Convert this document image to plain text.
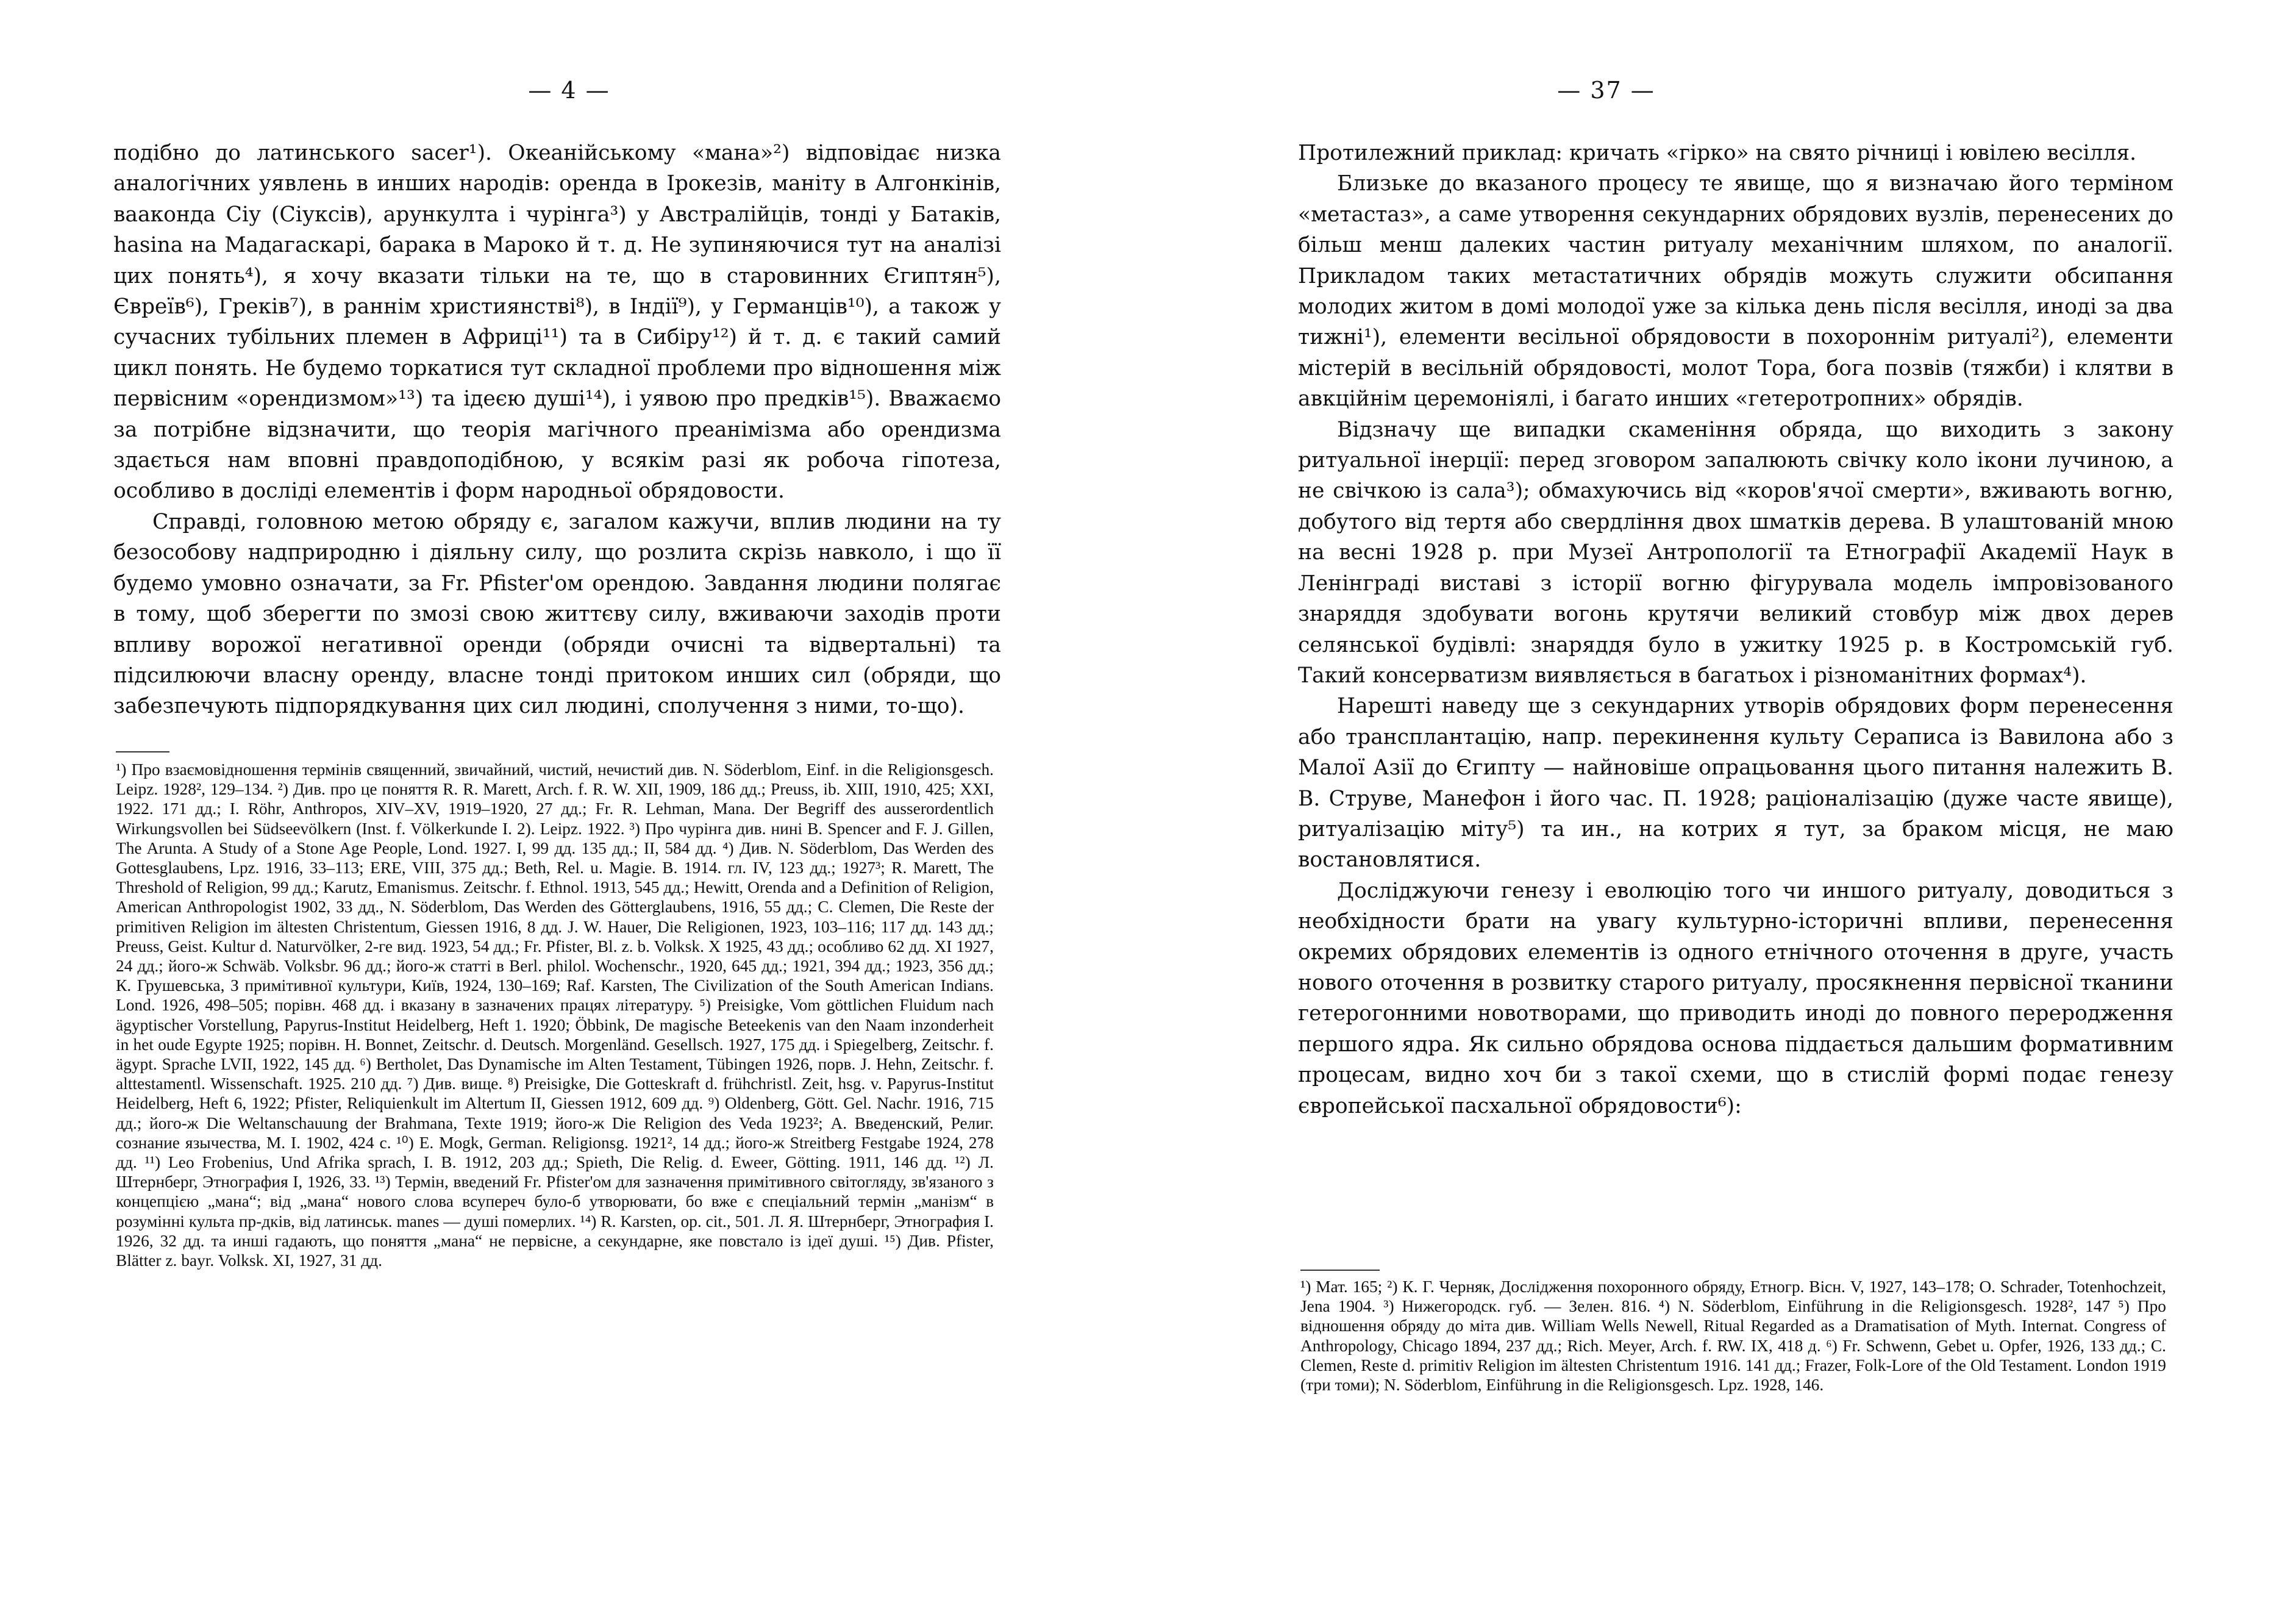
— 4 —

подібно до латинського sacer¹). Океанійському «мана»²) відповідає низка аналогічних уявлень в инших народів: оренда в Ірокезів, маніту в Алгонкінів, вааконда Сіу (Сіуксів), арункулта і чурінга³) у Австралійців, тонді у Батаків, hasina на Мадагаскарі, барака в Мароко й т. д. Не зупиняючися тут на аналізі цих понять⁴), я хочу вказати тільки на те, що в старовинних Єгиптян⁵), Євреїв⁶), Греків⁷), в раннім християнстві⁸), в Індії⁹), у Германців¹⁰), а також у сучасних тубільних племен в Африці¹¹) та в Сибіру¹²) й т. д. є такий самий цикл понять. Не будемо торкатися тут складної проблеми про відношення між первісним «орендизмом»¹³) та ідеєю душі¹⁴), і уявою про предків¹⁵). Вважаємо за потрібне відзначити, що теорія магічного преанімізма або орендизма здається нам вповні правдоподібною, у всякім разі як робоча гіпотеза, особливо в досліді елементів і форм народньої обрядовости.

Справді, головною метою обряду є, загалом кажучи, вплив людини на ту безособову надприродню і діяльну силу, що розлита скрізь навколо, і що її будемо умовно означати, за Fr. Pfister'ом орендою. Завдання людини полягає в тому, щоб зберегти по змозі свою життєву силу, вживаючи заходів проти впливу ворожої негативної оренди (обряди очисні та відвертальні) та підсилюючи власну оренду, власне тонді притоком инших сил (обряди, що забезпечують підпорядкування цих сил людині, сполучення з ними, то-що).

¹) Про взаємовідношення термінів священний, звичайний, чистий, нечистий див. N. Söderblom, Einf. in die Religionsgesch. Leipz. 1928², 129–134. ²) Див. про це поняття R. R. Marett, Arch. f. R. W. XII, 1909, 186 дд.; Preuss, ib. XIII, 1910, 425; XXI, 1922. 171 дд.; I. Röhr, Anthropos, XIV–XV, 1919–1920, 27 дд.; Fr. R. Lehman, Mana. Der Begriff des ausserordentlich Wirkungsvollen bei Südseevölkern (Inst. f. Völkerkunde I. 2). Leipz. 1922. ³) Про чурінга див. нині B. Spencer and F. J. Gillen, The Arunta. A Study of a Stone Age People, Lond. 1927. I, 99 дд. 135 дд.; II, 584 дд. ⁴) Див. N. Söderblom, Das Werden des Gottesglaubens, Lpz. 1916, 33–113; ERE, VIII, 375 дд.; Beth, Rel. u. Magie. B. 1914. гл. IV, 123 дд.; 1927³; R. Marett, The Threshold of Religion, 99 дд.; Karutz, Emanismus. Zeitschr. f. Ethnol. 1913, 545 дд.; Hewitt, Orenda and a Definition of Religion, American Anthropologist 1902, 33 дд., N. Söderblom, Das Werden des Götterglaubens, 1916, 55 дд.; C. Clemen, Die Reste der primitiven Religion im ältesten Christentum, Giessen 1916, 8 дд. J. W. Hauer, Die Religionen, 1923, 103–116; 117 дд. 143 дд.; Preuss, Geist. Kultur d. Naturvölker, 2-ге вид. 1923, 54 дд.; Fr. Pfister, Bl. z. b. Volksk. X 1925, 43 дд.; особливо 62 дд. XI 1927, 24 дд.; його-ж Schwäb. Volksbr. 96 дд.; його-ж статті в Berl. philol. Wochenschr., 1920, 645 дд.; 1921, 394 дд.; 1923, 356 дд.; К. Грушевська, З примітивної культури, Київ, 1924, 130–169; Raf. Karsten, The Civilization of the South American Indians. Lond. 1926, 498–505; порівн. 468 дд. і вказану в зазначених працях літературу. ⁵) Preisigke, Vom göttlichen Fluidum nach ägyptischer Vorstellung, Papyrus-Institut Heidelberg, Heft 1. 1920; Öbbink, De magische Beteekenis van den Naam inzonderheit in het oude Egypte 1925; порівн. H. Bonnet, Zeitschr. d. Deutsch. Morgenländ. Gesellsch. 1927, 175 дд. і Spiegelberg, Zeitschr. f. ägypt. Sprache LVII, 1922, 145 дд. ⁶) Bertholet, Das Dynamische im Alten Testament, Tübingen 1926, порв. J. Hehn, Zeitschr. f. alttestamentl. Wissenschaft. 1925. 210 дд. ⁷) Див. вище. ⁸) Preisigke, Die Gotteskraft d. frühchristl. Zeit, hsg. v. Papyrus-Institut Heidelberg, Heft 6, 1922; Pfister, Reliquienkult im Altertum II, Giessen 1912, 609 дд. ⁹) Oldenberg, Gött. Gel. Nachr. 1916, 715 дд.; його-ж Die Weltanschauung der Brahmana, Texte 1919; його-ж Die Religion des Veda 1923²; А. Введенский, Религ. сознание язычества, М. I. 1902, 424 с. ¹⁰) E. Mogk, German. Religionsg. 1921², 14 дд.; його-ж Streitberg Festgabe 1924, 278 дд. ¹¹) Leo Frobenius, Und Afrika sprach, I. B. 1912, 203 дд.; Spieth, Die Relig. d. Eweer, Götting. 1911, 146 дд. ¹²) Л. Штернберг, Этнография I, 1926, 33. ¹³) Термін, введений Fr. Pfister'ом для зазначення примітивного світогляду, зв'язаного з концепцією „мана“; від „мана“ нового слова всупереч було-б утворювати, бо вже є спеціальний термін „манізм“ в розумінні культа пр-дків, від латинськ. manes — душі померлих. ¹⁴) R. Karsten, op. cit., 501. Л. Я. Штернберг, Этнография I. 1926, 32 дд. та инші гадають, що поняття „мана“ не первісне, а секундарне, яке повстало із ідеї душі. ¹⁵) Див. Pfister, Blätter z. bayr. Volksk. XI, 1927, 31 дд.

— 37 —

Протилежний приклад: кричать «гірко» на свято річниці і ювілею весілля.

Близьке до вказаного процесу те явище, що я визначаю його терміном «метастаз», а саме утворення секундарних обрядових вузлів, перенесених до більш менш далеких частин ритуалу механічним шляхом, по аналогії. Прикладом таких метастатичних обрядів можуть служити обсипання молодих житом в домі молодої уже за кілька день після весілля, иноді за два тижні¹), елементи весільної обрядовости в похороннім ритуалі²), елементи містерій в весільній обрядовості, молот Тора, бога позвів (тяжби) і клятви в авкційнім церемоніялі, і багато инших «гетеротропних» обрядів.

Відзначу ще випадки скаменіння обряда, що виходить з закону ритуальної інерції: перед зговором запалюють свічку коло ікони лучиною, а не свічкою із сала³); обмахуючись від «коров'ячої смерти», вживають вогню, добутого від тертя або свердління двох шматків дерева. В улаштованій мною на весні 1928 р. при Музеї Антропології та Етнографії Академії Наук в Ленінграді виставі з історії вогню фігурувала модель імпровізованого знаряддя здобувати вогонь крутячи великий стовбур між двох дерев селянської будівлі: знаряддя було в ужитку 1925 р. в Костромській губ. Такий консерватизм виявляється в багатьох і різноманітних формах⁴).

Нарешті наведу ще з секундарних утворів обрядових форм перенесення або трансплантацію, напр. перекинення культу Сераписа із Вавилона або з Малої Азії до Єгипту — найновіше опрацьовання цього питання належить В. В. Струве, Манефон і його час. П. 1928; раціоналізацію (дуже часте явище), ритуалізацію міту⁵) та ин., на котрих я тут, за браком місця, не маю востановлятися.

Досліджуючи генезу і еволюцію того чи иншого ритуалу, доводиться з необхідности брати на увагу культурно-історичні впливи, перенесення окремих обрядових елементів із одного етнічного оточення в друге, участь нового оточення в розвитку старого ритуалу, просякнення первісної тканини гетерогонними новотворами, що приводить иноді до повного переродження першого ядра. Як сильно обрядова основа піддається дальшим формативним процесам, видно хоч би з такої схеми, що в стислій формі подає генезу європейської пасхальної обрядовости⁶):

¹) Мат. 165; ²) К. Г. Черняк, Дослідження похоронного обряду, Етногр. Вісн. V, 1927, 143–178; O. Schrader, Totenhochzeit, Jena 1904. ³) Нижегородск. губ. — Зелен. 816. ⁴) N. Söderblom, Einführung in die Religionsgesch. 1928², 147 ⁵) Про відношення обряду до міта див. William Wells Newell, Ritual Regarded as a Dramatisation of Myth. Internat. Congress of Anthropology, Chicago 1894, 237 дд.; Rich. Meyer, Arch. f. RW. IX, 418 д. ⁶) Fr. Schwenn, Gebet u. Opfer, 1926, 133 дд.; C. Clemen, Reste d. primitiv Religion im ältesten Christentum 1916. 141 дд.; Frazer, Folk-Lore of the Old Testament. London 1919 (три томи); N. Söderblom, Einführung in die Religionsgesch. Lpz. 1928, 146.
